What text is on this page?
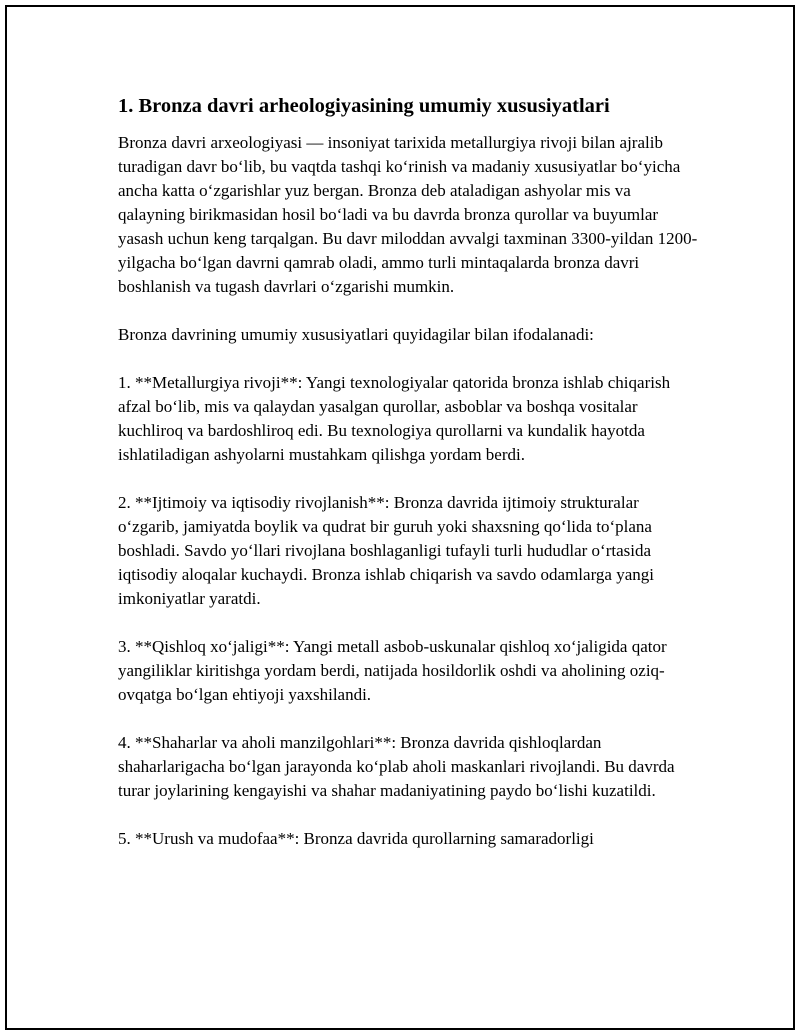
1. Bronza davri arheologiyasining umumiy xususiyatlari

Bronza davri arxeologiyasi — insoniyat tarixida metallurgiya rivoji bilan ajralib turadigan davr bo‘lib, bu vaqtda tashqi ko‘rinish va madaniy xususiyatlar bo‘yicha ancha katta o‘zgarishlar yuz bergan. Bronza deb ataladigan ashyolar mis va qalayning birikmasidan hosil bo‘ladi va bu davrda bronza qurollar va buyumlar yasash uchun keng tarqalgan. Bu davr miloddan avvalgi taxminan 3300-yildan 1200-yilgacha bo‘lgan davrni qamrab oladi, ammo turli mintaqalarda bronza davri boshlanish va tugash davrlari o‘zgarishi mumkin.

Bronza davrining umumiy xususiyatlari quyidagilar bilan ifodalanadi:

1. **Metallurgiya rivoji**: Yangi texnologiyalar qatorida bronza ishlab chiqarish afzal bo‘lib, mis va qalaydan yasalgan qurollar, asboblar va boshqa vositalar kuchliroq va bardoshliroq edi. Bu texnologiya qurollarni va kundalik hayotda ishlatiladigan ashyolarni mustahkam qilishga yordam berdi.

2. **Ijtimoiy va iqtisodiy rivojlanish**: Bronza davrida ijtimoiy strukturalar o‘zgarib, jamiyatda boylik va qudrat bir guruh yoki shaxsning qo‘lida to‘plana boshladi. Savdo yo‘llari rivojlana boshlaganligi tufayli turli hududlar o‘rtasida iqtisodiy aloqalar kuchaydi. Bronza ishlab chiqarish va savdo odamlarga yangi imkoniyatlar yaratdi.

3. **Qishloq xo‘jaligi**: Yangi metall asbob-uskunalar qishloq xo‘jaligida qator yangiliklar kiritishga yordam berdi, natijada hosildorlik oshdi va aholining oziq-ovqatga bo‘lgan ehtiyoji yaxshilandi.

4. **Shaharlar va aholi manzilgohlari**: Bronza davrida qishloqlardan shaharlarigacha bo‘lgan jarayonda ko‘plab aholi maskanlari rivojlandi. Bu davrda turar joylarining kengayishi va shahar madaniyatining paydo bo‘lishi kuzatildi.

5. **Urush va mudofaa**: Bronza davrida qurollarning samaradorligi
